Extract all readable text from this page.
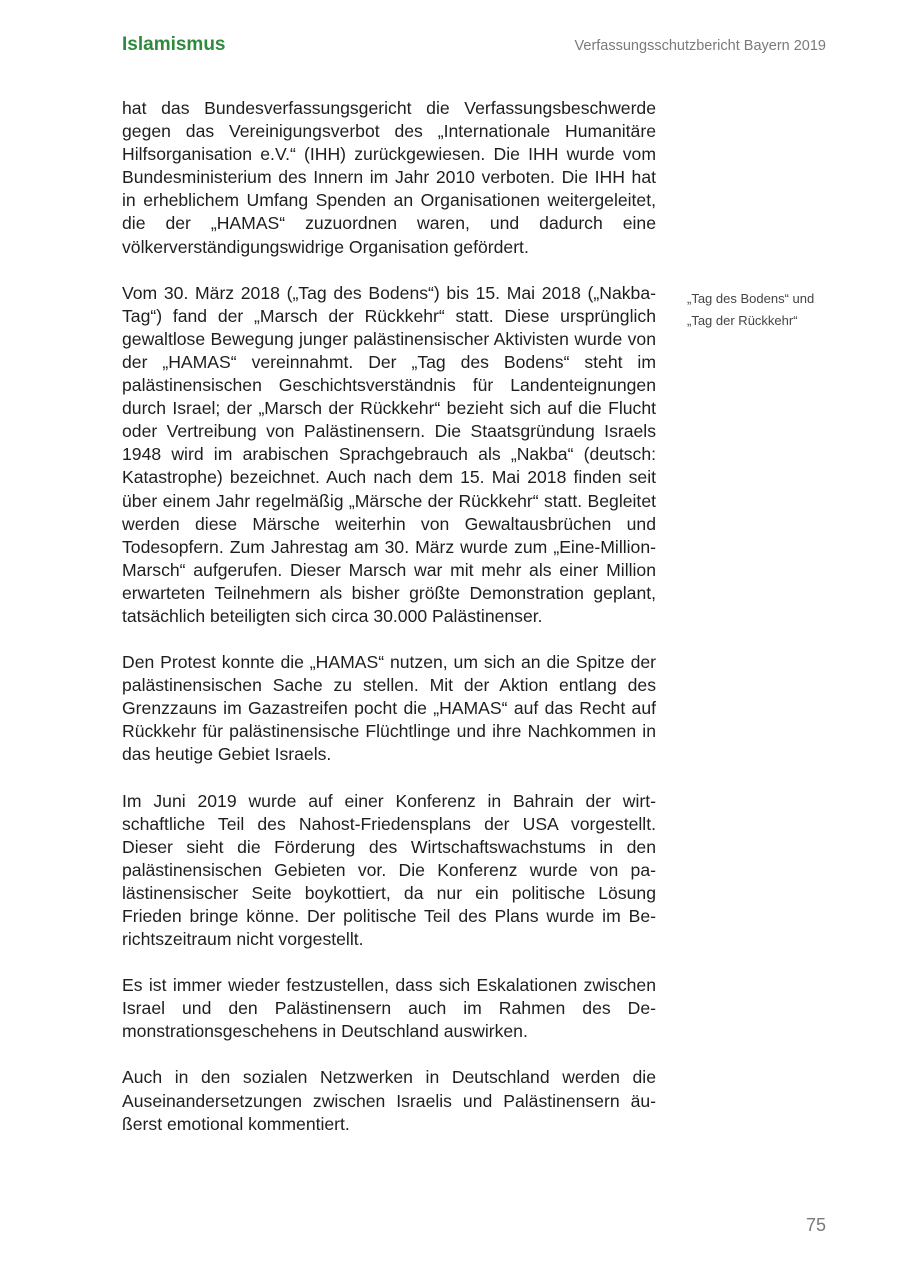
Islamismus	Verfassungsschutzbericht Bayern 2019

hat das Bundesverfassungsgericht die Verfassungsbeschwerde gegen das Vereinigungsverbot des „Internationale Humanitäre Hilfsorganisation e.V.“ (IHH) zurückgewiesen. Die IHH wurde vom Bundesministerium des Innern im Jahr 2010 verboten. Die IHH hat in erheblichem Umfang Spenden an Organisationen weitergeleitet, die der „HAMAS“ zuzuordnen waren, und dadurch eine völkerverständigungswidrige Organisation gefördert.

Vom 30. März 2018 („Tag des Bodens“) bis 15. Mai 2018 („Nakba-Tag“) fand der „Marsch der Rückkehr“ statt. Diese ursprünglich gewaltlose Bewegung junger palästinensischer Aktivisten wurde von der „HAMAS“ vereinnahmt. Der „Tag des Bodens“ steht im palästinensischen Geschichtsverständnis für Landenteignungen durch Israel; der „Marsch der Rückkehr“ bezieht sich auf die Flucht oder Vertreibung von Palästinensern. Die Staatsgründung Israels 1948 wird im arabischen Sprachgebrauch als „Nakba“ (deutsch: Katastrophe) bezeichnet. Auch nach dem 15. Mai 2018 finden seit über einem Jahr regelmäßig „Märsche der Rückkehr“ statt. Begleitet werden diese Märsche weiterhin von Gewaltausbrüchen und Todesopfern. Zum Jahrestag am 30. März wurde zum „Eine-Million-Marsch“ aufgerufen. Dieser Marsch war mit mehr als einer Million erwarteten Teilnehmern als bisher größte Demonstration geplant, tatsächlich beteiligten sich circa 30.000 Palästinenser.

Den Protest konnte die „HAMAS“ nutzen, um sich an die Spitze der palästinensischen Sache zu stellen. Mit der Aktion entlang des Grenzzauns im Gazastreifen pocht die „HAMAS“ auf das Recht auf Rückkehr für palästinensische Flüchtlinge und ihre Nachkommen in das heutige Gebiet Israels.

Im Juni 2019 wurde auf einer Konferenz in Bahrain der wirtschaftliche Teil des Nahost-Friedensplans der USA vorgestellt. Dieser sieht die Förderung des Wirtschaftswachstums in den palästinensischen Gebieten vor. Die Konferenz wurde von palästinensischer Seite boykottiert, da nur ein politische Lösung Frieden bringe könne. Der politische Teil des Plans wurde im Berichtszeitraum nicht vorgestellt.

Es ist immer wieder festzustellen, dass sich Eskalationen zwischen Israel und den Palästinensern auch im Rahmen des Demonstrationsgeschehens in Deutschland auswirken.

Auch in den sozialen Netzwerken in Deutschland werden die Auseinandersetzungen zwischen Israelis und Palästinensern äußerst emotional kommentiert.

„Tag des Bodens“ und „Tag der Rückkehr“
75
